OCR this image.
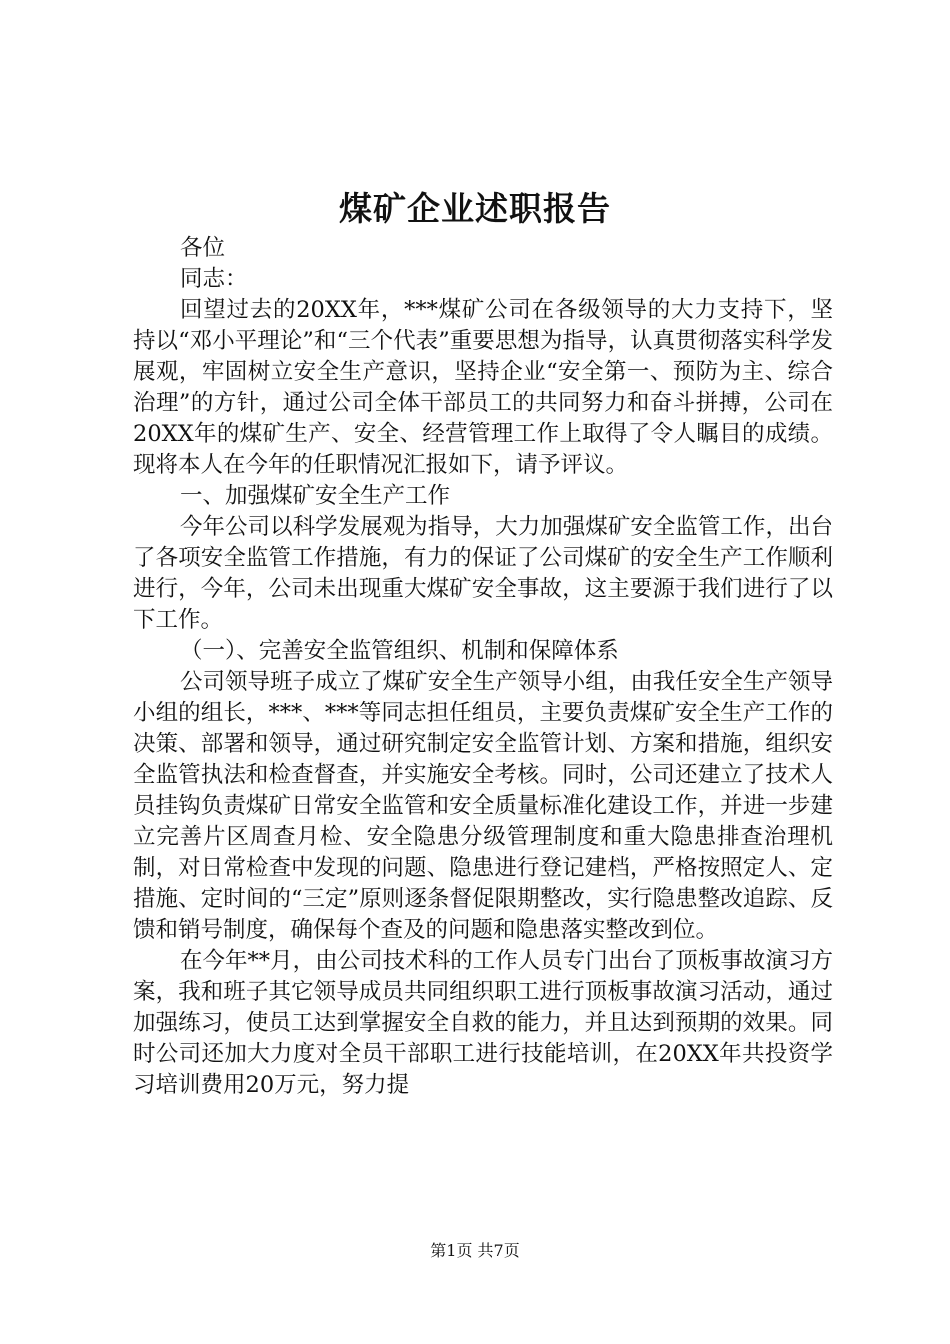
煤矿企业述职报告

各位

同志：

回望过去的20XX年，***煤矿公司在各级领导的大力支持下，坚持以“邓小平理论”和“三个代表”重要思想为指导，认真贯彻落实科学发展观，牢固树立安全生产意识，坚持企业“安全第一、预防为主、综合治理”的方针，通过公司全体干部员工的共同努力和奋斗拼搏，公司在20XX年的煤矿生产、安全、经营管理工作上取得了令人瞩目的成绩。现将本人在今年的任职情况汇报如下，请予评议。

一、加强煤矿安全生产工作

今年公司以科学发展观为指导，大力加强煤矿安全监管工作，出台了各项安全监管工作措施，有力的保证了公司煤矿的安全生产工作顺利进行，今年，公司未出现重大煤矿安全事故，这主要源于我们进行了以下工作。

（一）、完善安全监管组织、机制和保障体系

公司领导班子成立了煤矿安全生产领导小组，由我任安全生产领导小组的组长，***、***等同志担任组员，主要负责煤矿安全生产工作的决策、部署和领导，通过研究制定安全监管计划、方案和措施，组织安全监管执法和检查督查，并实施安全考核。同时，公司还建立了技术人员挂钩负责煤矿日常安全监管和安全质量标准化建设工作，并进一步建立完善片区周查月检、安全隐患分级管理制度和重大隐患排查治理机制，对日常检查中发现的问题、隐患进行登记建档，严格按照定人、定措施、定时间的“三定”原则逐条督促限期整改，实行隐患整改追踪、反馈和销号制度，确保每个查及的问题和隐患落实整改到位。

在今年**月，由公司技术科的工作人员专门出台了顶板事故演习方案，我和班子其它领导成员共同组织职工进行顶板事故演习活动，通过加强练习，使员工达到掌握安全自救的能力，并且达到预期的效果。同时公司还加大力度对全员干部职工进行技能培训，在20XX年共投资学习培训费用20万元，努力提

第1页 共7页
